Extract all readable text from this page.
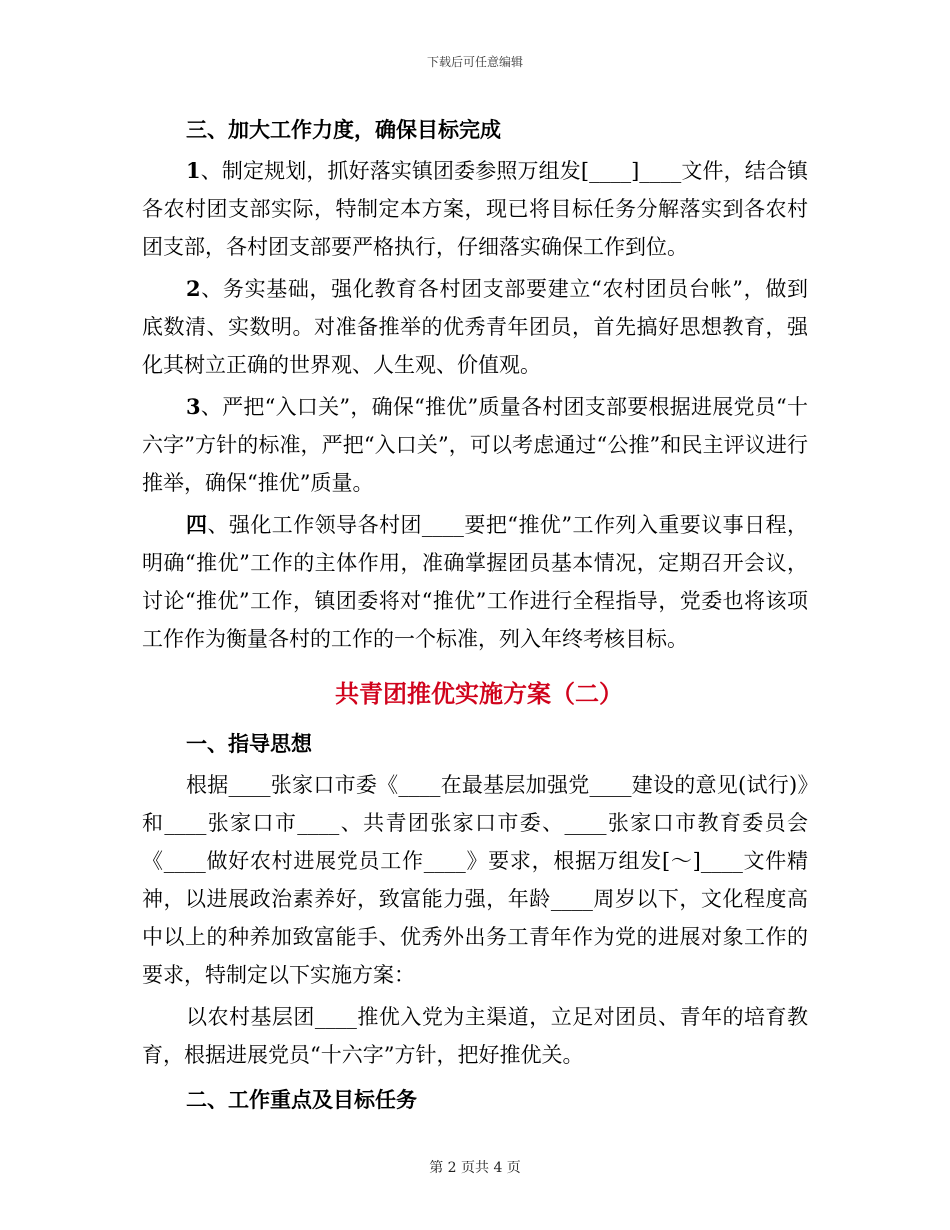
下载后可任意编辑
三、加大工作力度，确保目标完成

1、制定规划，抓好落实镇团委参照万组发[____]____文件，结合镇各农村团支部实际，特制定本方案，现已将目标任务分解落实到各农村团支部，各村团支部要严格执行，仔细落实确保工作到位。

2、务实基础，强化教育各村团支部要建立“农村团员台帐”，做到底数清、实数明。对准备推举的优秀青年团员，首先搞好思想教育，强化其树立正确的世界观、人生观、价值观。

3、严把“入口关”，确保“推优”质量各村团支部要根据进展党员“十六字”方针的标准，严把“入口关”，可以考虑通过“公推”和民主评议进行推举，确保“推优”质量。

四、强化工作领导各村团____要把“推优”工作列入重要议事日程，明确“推优”工作的主体作用，准确掌握团员基本情况，定期召开会议，讨论“推优”工作，镇团委将对“推优”工作进行全程指导，党委也将该项工作作为衡量各村的工作的一个标准，列入年终考核目标。

共青团推优实施方案（二）
一、指导思想

根据____张家口市委《____在最基层加强党____建设的意见(试行)》和____张家口市____、共青团张家口市委、____张家口市教育委员会《____做好农村进展党员工作____》要求，根据万组发[～]____文件精神，以进展政治素养好，致富能力强，年龄____周岁以下，文化程度高中以上的种养加致富能手、优秀外出务工青年作为党的进展对象工作的要求，特制定以下实施方案：

以农村基层团____推优入党为主渠道，立足对团员、青年的培育教育，根据进展党员“十六字”方针，把好推优关。

二、工作重点及目标任务
第 2 页共 4 页
